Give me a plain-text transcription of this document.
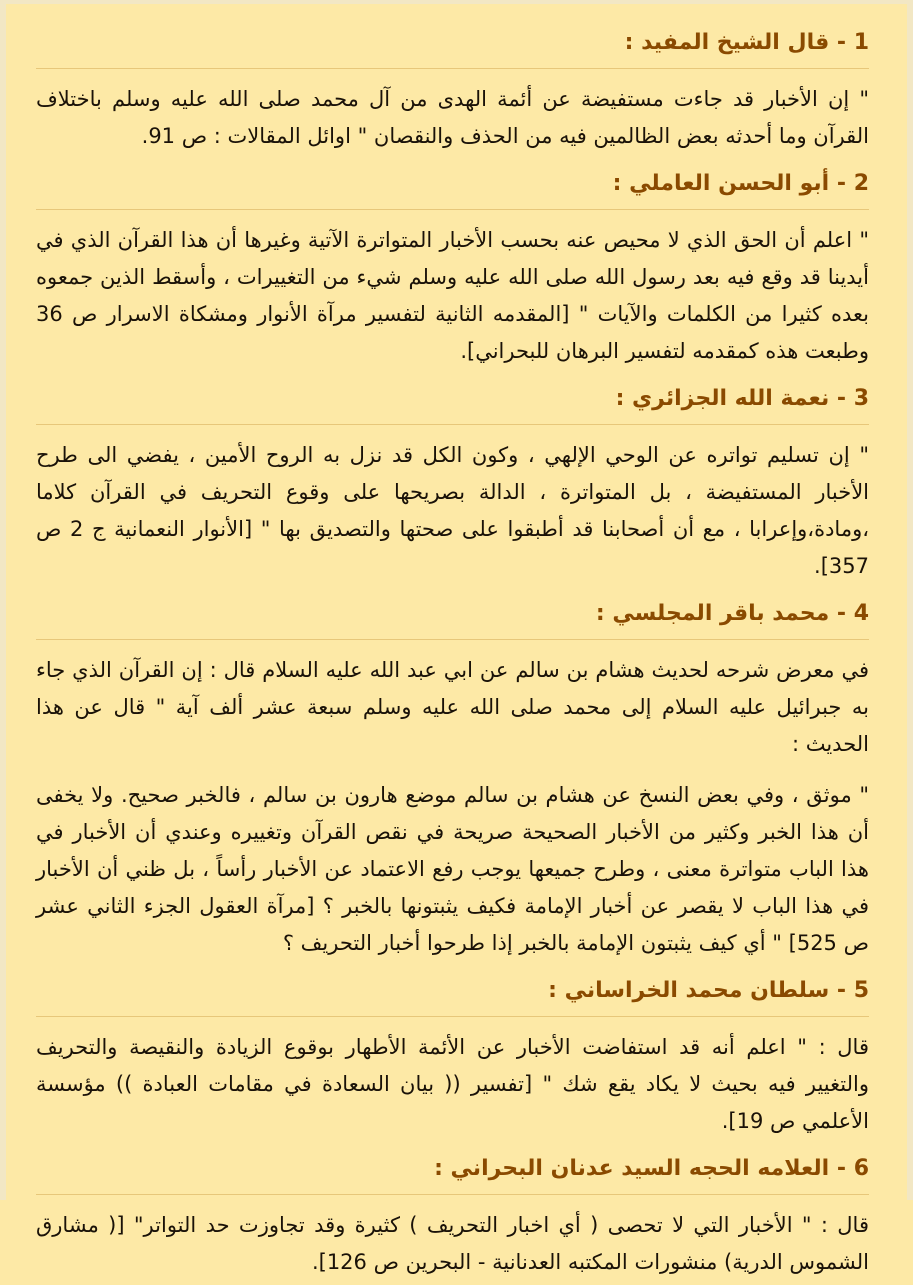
1 - قال الشيخ المفيد :

" إن الأخبار قد جاءت مستفيضة عن أئمة الهدى من آل محمد صلى الله عليه وسلم باختلاف القرآن وما أحدثه بعض الظالمين فيه من الحذف والنقصان " اوائل المقالات : ص 91.

2 - أبو الحسن العاملي :

" اعلم أن الحق الذي لا محيص عنه بحسب الأخبار المتواترة الآتية وغيرها أن هذا القرآن الذي في أيدينا قد وقع فيه بعد رسول الله صلى الله عليه وسلم شيء من التغييرات ، وأسقط الذين جمعوه بعده كثيرا من الكلمات والآيات " [المقدمه الثانية لتفسير مرآة الأنوار ومشكاة الاسرار ص 36 وطبعت هذه كمقدمه لتفسير البرهان للبحراني].

3 - نعمة الله الجزائري :

" إن تسليم تواتره عن الوحي الإلهي ، وكون الكل قد نزل به الروح الأمين ، يفضي الى طرح الأخبار المستفيضة ، بل المتواترة ، الدالة بصريحها على وقوع التحريف في القرآن كلاما ،ومادة،وإعرابا ، مع أن أصحابنا قد أطبقوا على صحتها والتصديق بها " [الأنوار النعمانية ج 2 ص 357].

4 - محمد باقر المجلسي :

في معرض شرحه لحديث هشام بن سالم عن ابي عبد الله عليه السلام قال : إن القرآن الذي جاء به جبرائيل عليه السلام إلى محمد صلى الله عليه وسلم سبعة عشر ألف آية " قال عن هذا الحديث :

" موثق ، وفي بعض النسخ عن هشام بن سالم موضع هارون بن سالم ، فالخبر صحيح. ولا يخفى أن هذا الخبر وكثير من الأخبار الصحيحة صريحة في نقص القرآن وتغييره وعندي أن الأخبار في هذا الباب متواترة معنى ، وطرح جميعها يوجب رفع الاعتماد عن الأخبار رأساً ، بل ظني أن الأخبار في هذا الباب لا يقصر عن أخبار الإمامة فكيف يثبتونها بالخبر ؟ [مرآة العقول الجزء الثاني عشر ص 525] " أي كيف يثبتون الإمامة بالخبر إذا طرحوا أخبار التحريف ؟

5 - سلطان محمد الخراساني :

قال : " اعلم أنه قد استفاضت الأخبار عن الأئمة الأطهار بوقوع الزيادة والنقيصة والتحريف والتغيير فيه بحيث لا يكاد يقع شك " [تفسير (( بيان السعادة في مقامات العبادة )) مؤسسة الأعلمي ص 19].

6 - العلامه الحجه السيد عدنان البحراني :

قال : " الأخبار التي لا تحصى ( أي اخبار التحريف ) كثيرة وقد تجاوزت حد التواتر" [( مشارق الشموس الدرية) منشورات المكتبه العدنانية - البحرين ص 126].
